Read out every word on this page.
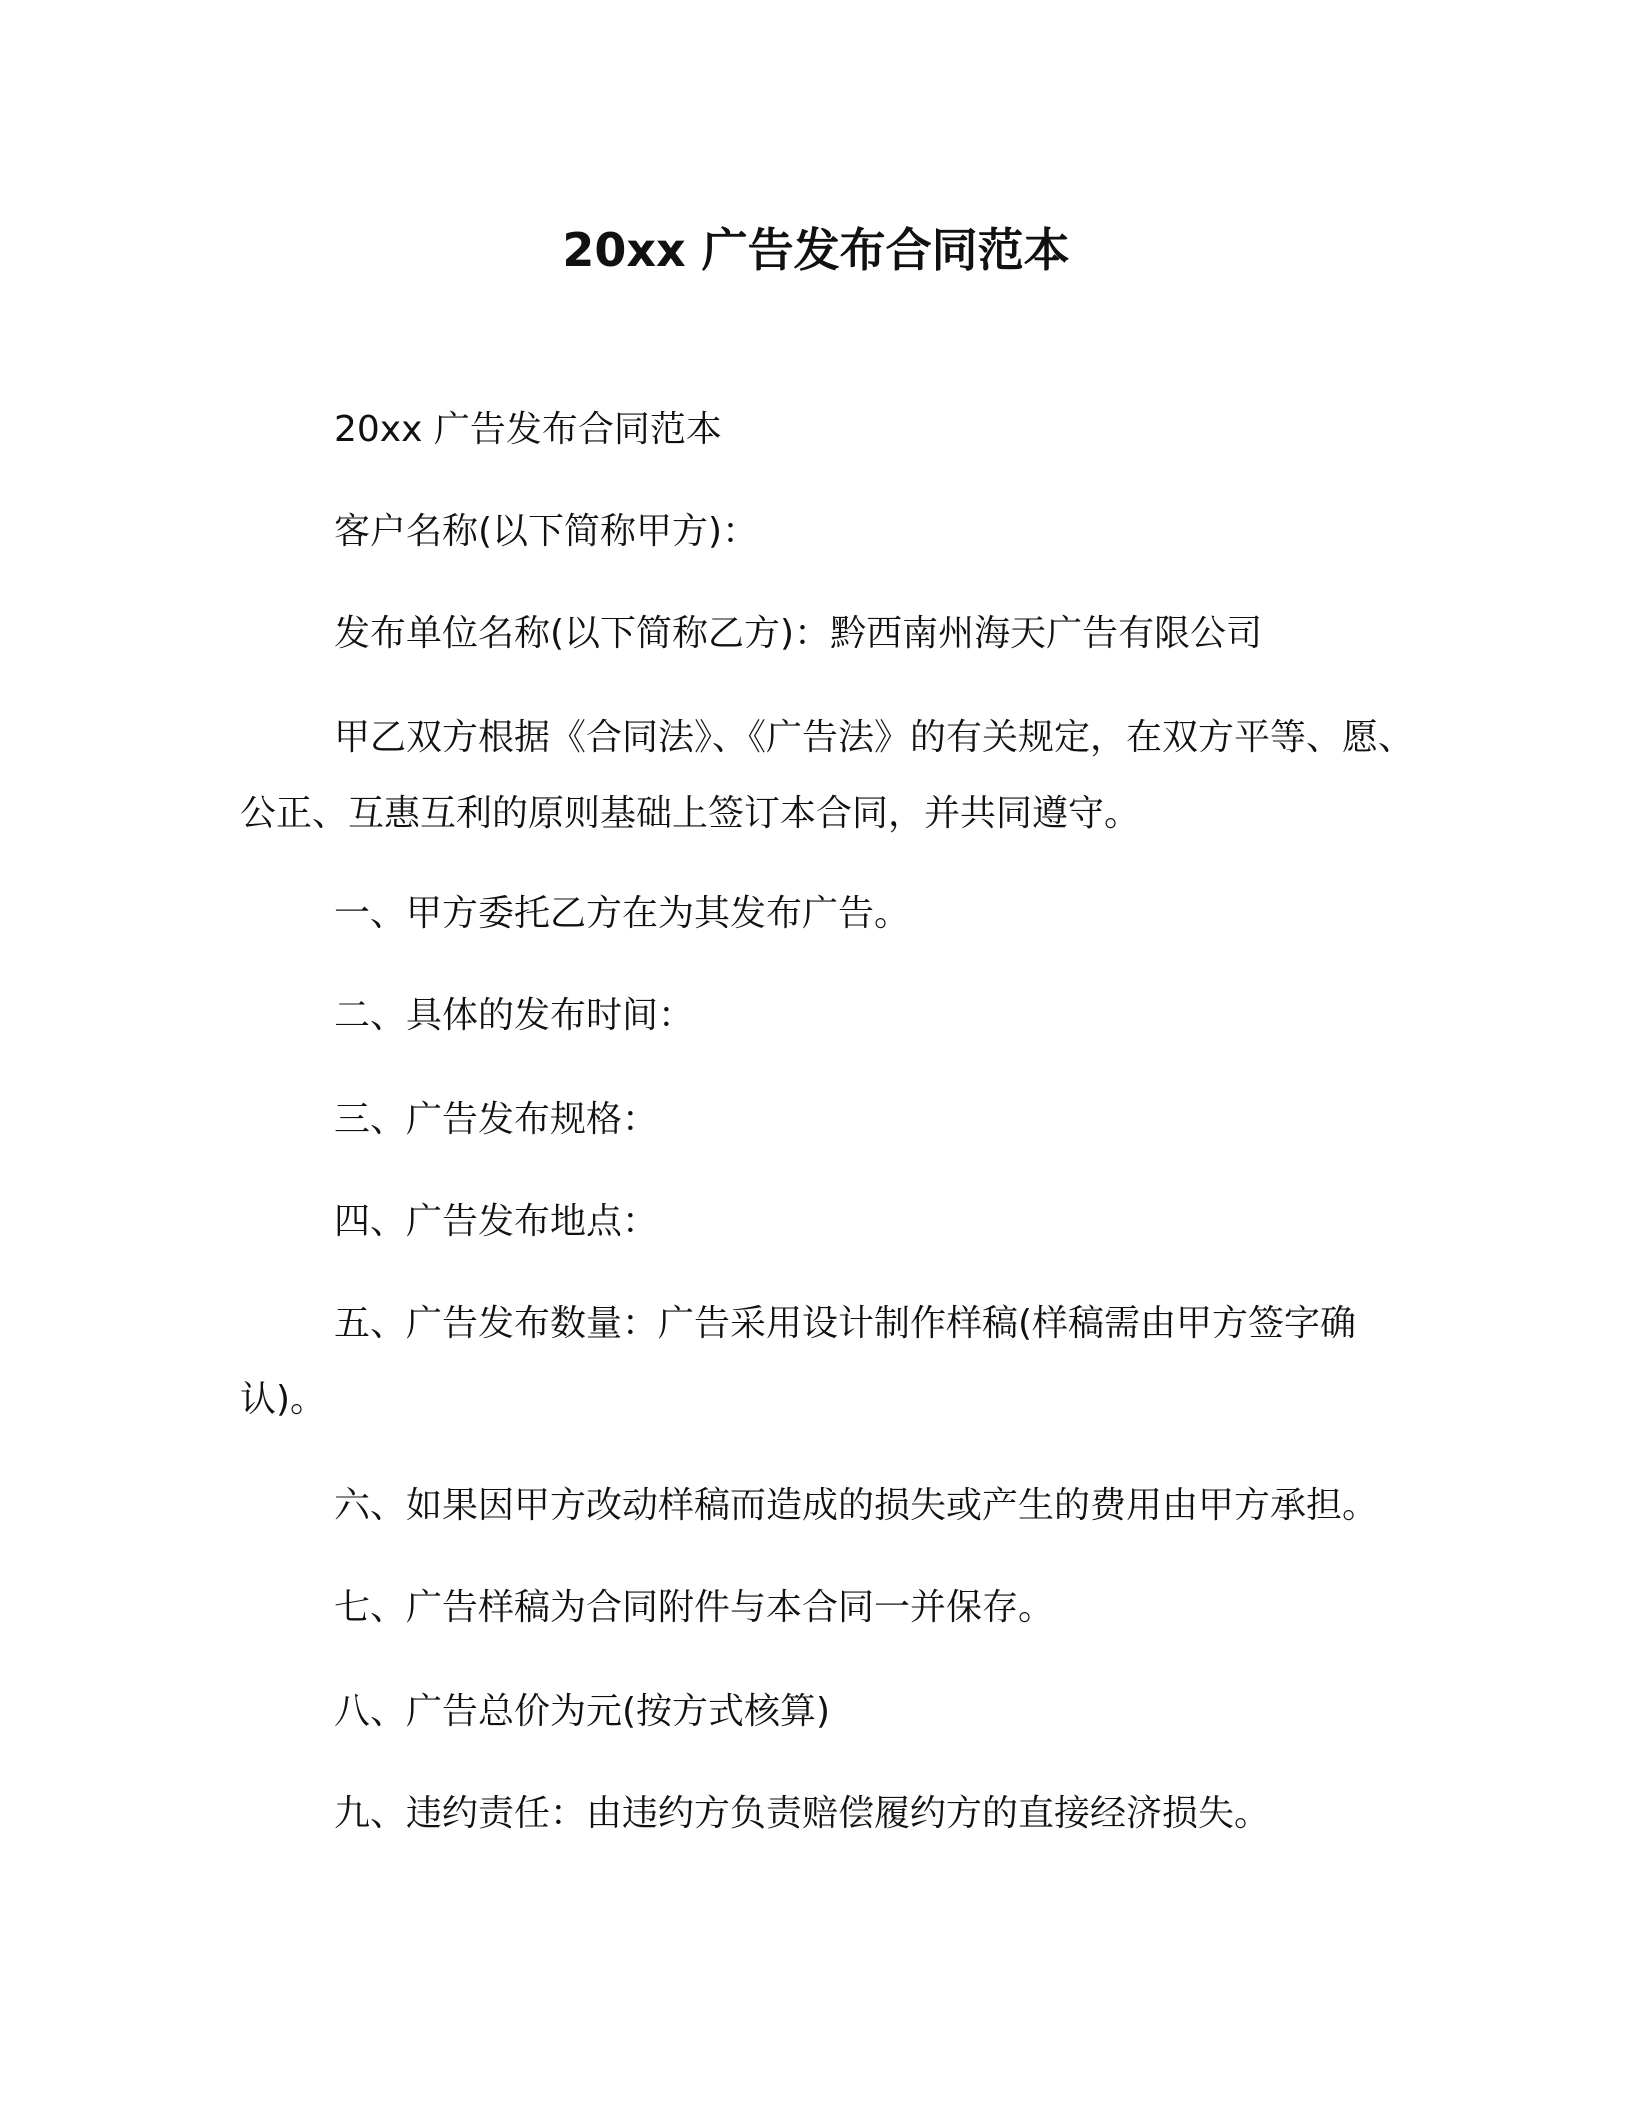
20xx 广告发布合同范本

20xx 广告发布合同范本

客户名称(以下简称甲方)：

发布单位名称(以下简称乙方)：黔西南州海天广告有限公司

甲乙双方根据《合同法》、《广告法》的有关规定，在双方平等、愿、公正、互惠互利的原则基础上签订本合同，并共同遵守。

一、甲方委托乙方在为其发布广告。

二、具体的发布时间：

三、广告发布规格：

四、广告发布地点：

五、广告发布数量：广告采用设计制作样稿(样稿需由甲方签字确认)。

六、如果因甲方改动样稿而造成的损失或产生的费用由甲方承担。

七、广告样稿为合同附件与本合同一并保存。

八、广告总价为元(按方式核算)

九、违约责任：由违约方负责赔偿履约方的直接经济损失。
